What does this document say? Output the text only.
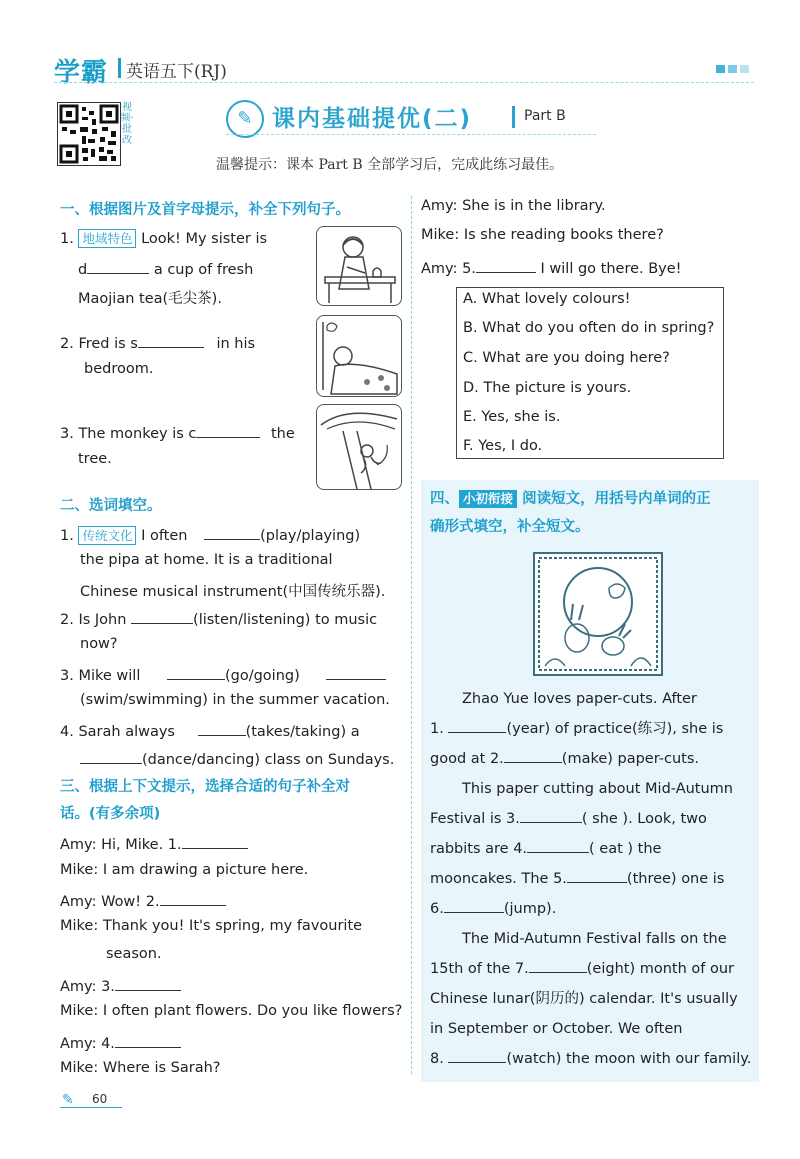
学霸 英语五下(RJ)
视频·批改
✎ 课内基础提优(二)	Part B
温馨提示：课本 Part B 全部学习后，完成此练习最佳。
一、根据图片及首字母提示，补全下列句子。
1. 地域特色 Look! My sister is
d	a cup of fresh
Maojian tea(毛尖茶).
2. Fred is s	in his
bedroom.
3. The monkey is c	the
tree.
二、选词填空。
1. 传统文化 I often	(play/playing)
the pipa at home. It is a traditional
Chinese musical instrument(中国传统乐器).
2. Is John	(listen/listening) to music
now?
3. Mike will	(go/going)
(swim/swimming) in the summer vacation.
4. Sarah always	(takes/taking) a
(dance/dancing) class on Sundays.
三、根据上下文提示，选择合适的句子补全对
话。(有多余项)
Amy: Hi, Mike. 1.
Mike: I am drawing a picture here.
Amy: Wow! 2.
Mike: Thank you! It's spring, my favourite
season.
Amy: 3.
Mike: I often plant flowers. Do you like flowers?
Amy: 4.
Mike: Where is Sarah?
Amy: She is in the library.
Mike: Is she reading books there?
Amy: 5.	I will go there. Bye!
A. What lovely colours!
B. What do you often do in spring?
C. What are you doing here?
D. The picture is yours.
E. Yes, she is.
F. Yes, I do.
四、 小初衔接 阅读短文，用括号内单词的正
确形式填空，补全短文。
Zhao Yue loves paper-cuts. After
1.	(year) of practice(练习), she is
good at 2.	(make) paper-cuts.
This paper cutting about Mid-Autumn
Festival is 3.	( she ). Look, two
rabbits are 4.	( eat ) the
mooncakes. The 5.	(three) one is
6.	(jump).
The Mid-Autumn Festival falls on the
15th of the 7.	(eight) month of our
Chinese lunar(阴历的) calendar. It's usually
in September or October. We often
8.	(watch) the moon with our family.
✎ 60
